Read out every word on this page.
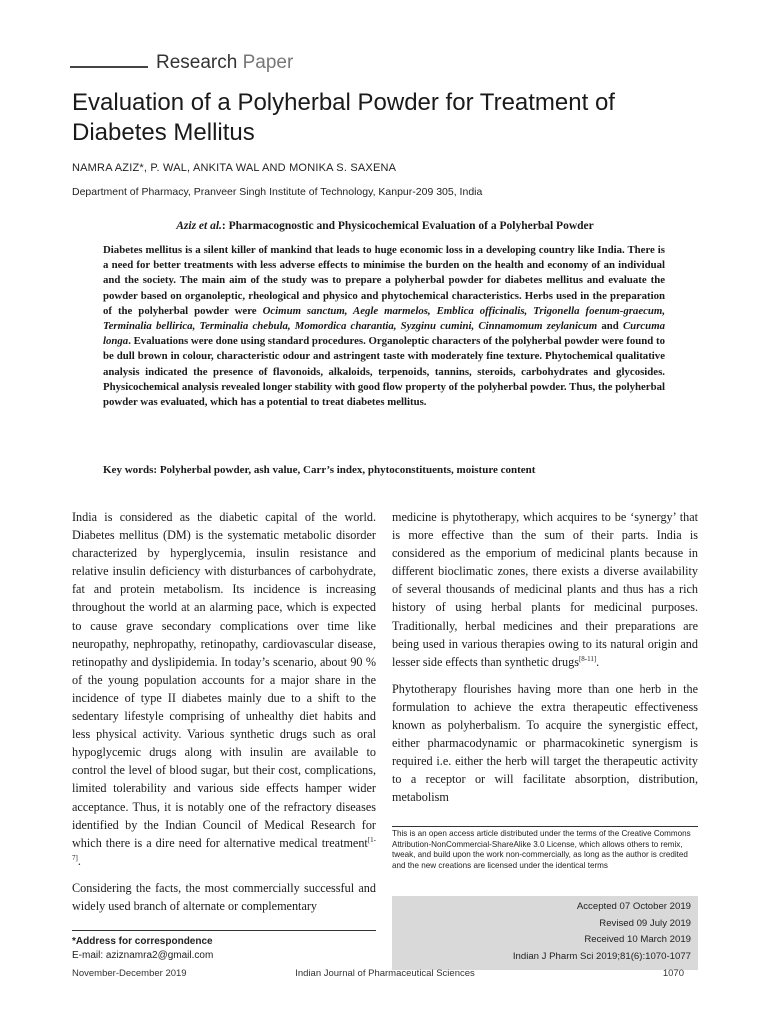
Research Paper
Evaluation of a Polyherbal Powder for Treatment of Diabetes Mellitus
NAMRA AZIZ*, P. WAL, ANKITA WAL AND MONIKA S. SAXENA
Department of Pharmacy, Pranveer Singh Institute of Technology, Kanpur-209 305, India
Aziz et al.: Pharmacognostic and Physicochemical Evaluation of a Polyherbal Powder
Diabetes mellitus is a silent killer of mankind that leads to huge economic loss in a developing country like India. There is a need for better treatments with less adverse effects to minimise the burden on the health and economy of an individual and the society. The main aim of the study was to prepare a polyherbal powder for diabetes mellitus and evaluate the powder based on organoleptic, rheological and physico and phytochemical characteristics. Herbs used in the preparation of the polyherbal powder were Ocimum sanctum, Aegle marmelos, Emblica officinalis, Trigonella foenum-graecum, Terminalia bellirica, Terminalia chebula, Momordica charantia, Syzginu cumini, Cinnamomum zeylanicum and Curcuma longa. Evaluations were done using standard procedures. Organoleptic characters of the polyherbal powder were found to be dull brown in colour, characteristic odour and astringent taste with moderately fine texture. Phytochemical qualitative analysis indicated the presence of flavonoids, alkaloids, terpenoids, tannins, steroids, carbohydrates and glycosides. Physicochemical analysis revealed longer stability with good flow property of the polyherbal powder. Thus, the polyherbal powder was evaluated, which has a potential to treat diabetes mellitus.
Key words: Polyherbal powder, ash value, Carr’s index, phytoconstituents, moisture content

India is considered as the diabetic capital of the world. Diabetes mellitus (DM) is the systematic metabolic disorder characterized by hyperglycemia, insulin resistance and relative insulin deficiency with disturbances of carbohydrate, fat and protein metabolism. Its incidence is increasing throughout the world at an alarming pace, which is expected to cause grave secondary complications over time like neuropathy, nephropathy, retinopathy, cardiovascular disease, retinopathy and dyslipidemia. In today’s scenario, about 90 % of the young population accounts for a major share in the incidence of type II diabetes mainly due to a shift to the sedentary lifestyle comprising of unhealthy diet habits and less physical activity. Various synthetic drugs such as oral hypoglycemic drugs along with insulin are available to control the level of blood sugar, but their cost, complications, limited tolerability and various side effects hamper wider acceptance. Thus, it is notably one of the refractory diseases identified by the Indian Council of Medical Research for which there is a dire need for alternative medical treatment[1-7].

Considering the facts, the most commercially successful and widely used branch of alternate or complementary

medicine is phytotherapy, which acquires to be ‘synergy’ that is more effective than the sum of their parts. India is considered as the emporium of medicinal plants because in different bioclimatic zones, there exists a diverse availability of several thousands of medicinal plants and thus has a rich history of using herbal plants for medicinal purposes. Traditionally, herbal medicines and their preparations are being used in various therapies owing to its natural origin and lesser side effects than synthetic drugs[8-11].

Phytotherapy flourishes having more than one herb in the formulation to achieve the extra therapeutic effectiveness known as polyherbalism. To acquire the synergistic effect, either pharmacodynamic or pharmacokinetic synergism is required i.e. either the herb will target the therapeutic activity to a receptor or will facilitate absorption, distribution, metabolism

This is an open access article distributed under the terms of the Creative Commons Attribution-NonCommercial-ShareAlike 3.0 License, which allows others to remix, tweak, and build upon the work non-commercially, as long as the author is credited and the new creations are licensed under the identical terms
Accepted 07 October 2019
Revised 09 July 2019
Received 10 March 2019
Indian J Pharm Sci 2019;81(6):1070-1077
*Address for correspondence
E-mail: aziznamra2@gmail.com
November-December 2019	Indian Journal of Pharmaceutical Sciences	1070
